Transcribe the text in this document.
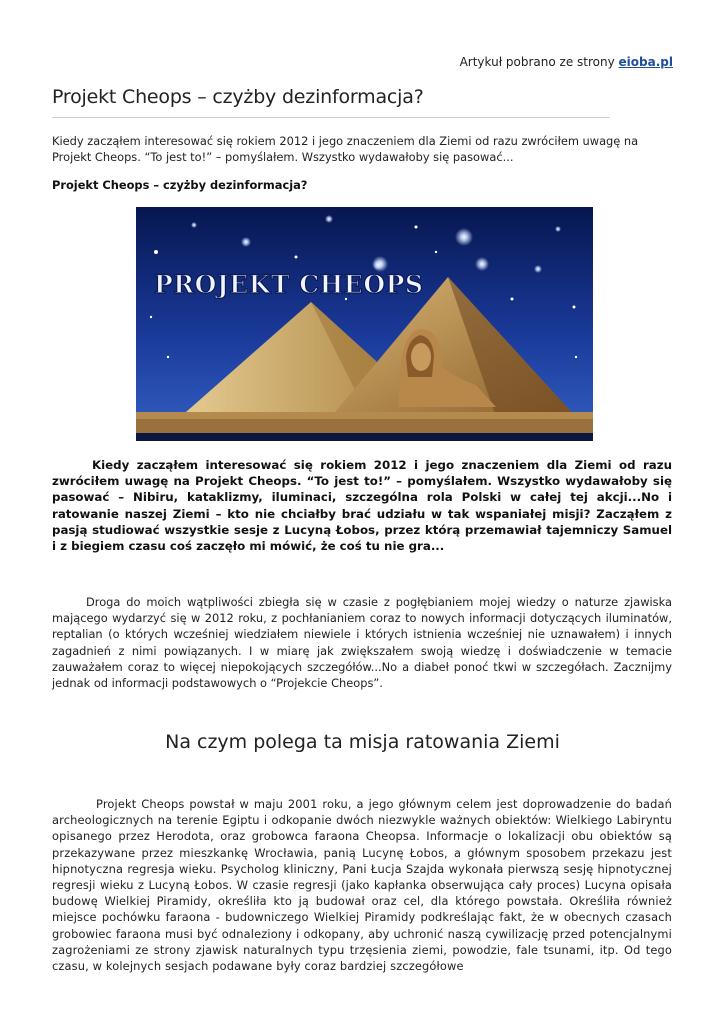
Artykuł pobrano ze strony eioba.pl
Projekt Cheops – czyżby dezinformacja?

Kiedy zacząłem interesować się rokiem 2012 i jego znaczeniem dla Ziemi od razu zwróciłem uwagę na Projekt Cheops. “To jest to!” – pomyślałem. Wszystko wydawałoby się pasować...

Projekt Cheops – czyżby dezinformacja?

PROJEKT CHEOPS

Kiedy zacząłem interesować się rokiem 2012 i jego znaczeniem dla Ziemi od razu zwróciłem uwagę na Projekt Cheops. “To jest to!” – pomyślałem. Wszystko wydawałoby się pasować – Nibiru, kataklizmy, iluminaci, szczególna rola Polski w całej tej akcji...No i ratowanie naszej Ziemi – kto nie chciałby brać udziału w tak wspaniałej misji? Zacząłem z pasją studiować wszystkie sesje z Lucyną Łobos, przez którą przemawiał tajemniczy Samuel i z biegiem czasu coś zaczęło mi mówić, że coś tu nie gra...

Droga do moich wątpliwości zbiegła się w czasie z pogłębianiem mojej wiedzy o naturze zjawiska mającego wydarzyć się w 2012 roku, z pochłanianiem coraz to nowych informacji dotyczących iluminatów, reptalian (o których wcześniej wiedziałem niewiele i których istnienia wcześniej nie uznawałem) i innych zagadnień z nimi powiązanych. I w miarę jak zwiększałem swoją wiedzę i doświadczenie w temacie zauważałem coraz to więcej niepokojących szczegółów...No a diabeł ponoć tkwi w szczegółach. Zacznijmy jednak od informacji podstawowych o “Projekcie Cheops”.

Na czym polega ta misja ratowania Ziemi

Projekt Cheops powstał w maju 2001 roku, a jego głównym celem jest doprowadzenie do badań archeologicznych na terenie Egiptu i odkopanie dwóch niezwykle ważnych obiektów: Wielkiego Labiryntu opisanego przez Herodota, oraz grobowca faraona Cheopsa. Informacje o lokalizacji obu obiektów są przekazywane przez mieszkankę Wrocławia, panią Lucynę Łobos, a głównym sposobem przekazu jest hipnotyczna regresja wieku. Psycholog kliniczny, Pani Łucja Szajda wykonała pierwszą sesję hipnotycznej regresji wieku z Lucyną Łobos. W czasie regresji (jako kapłanka obserwująca cały proces) Lucyna opisała budowę Wielkiej Piramidy, określiła kto ją budował oraz cel, dla którego powstała. Określiła również miejsce pochówku faraona - budowniczego Wielkiej Piramidy podkreślając fakt, że w obecnych czasach grobowiec faraona musi być odnaleziony i odkopany, aby uchronić naszą cywilizację przed potencjalnymi zagrożeniami ze strony zjawisk naturalnych typu trzęsienia ziemi, powodzie, fale tsunami, itp. Od tego czasu, w kolejnych sesjach podawane były coraz bardziej szczegółowe
